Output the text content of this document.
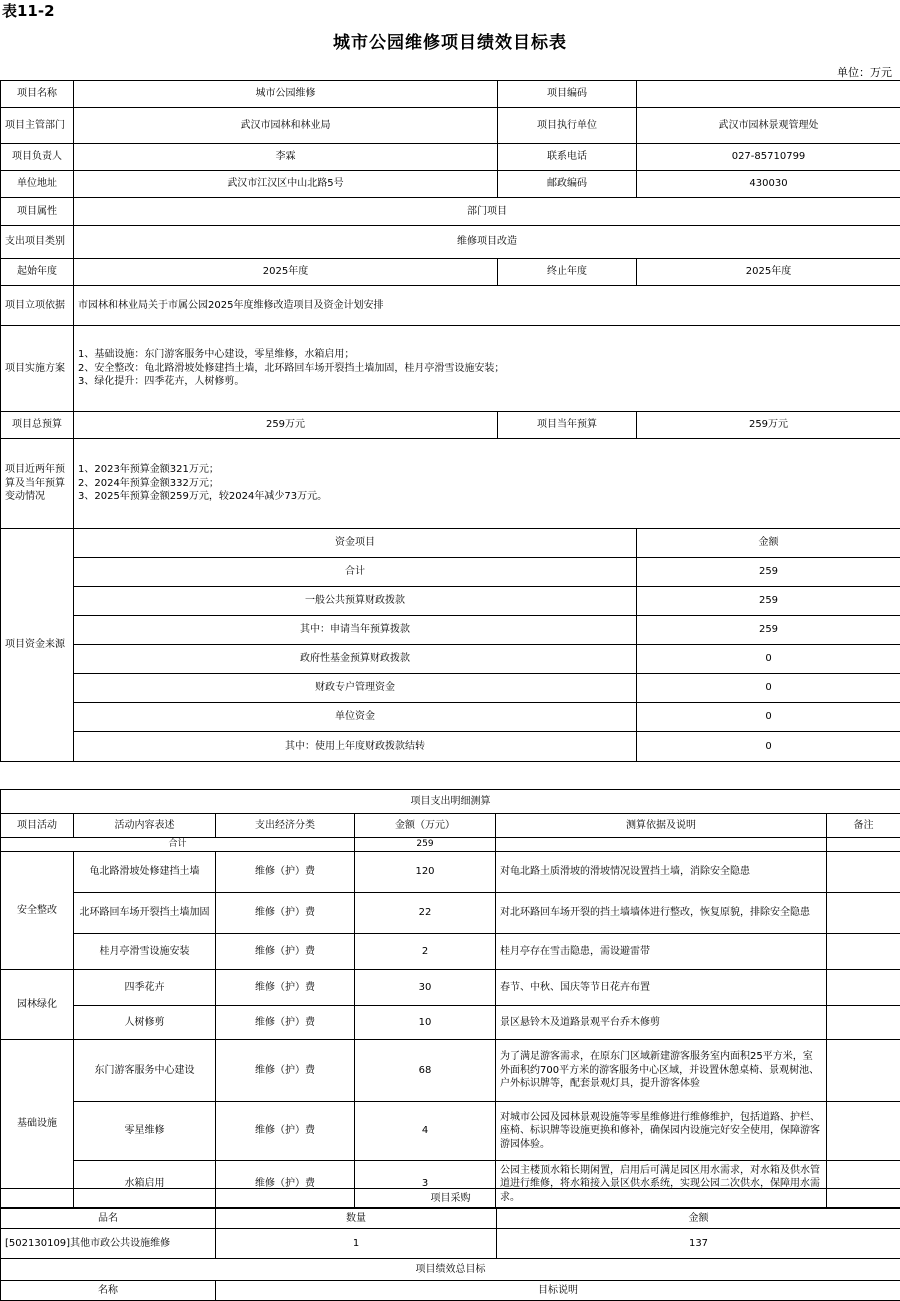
表11-2
城市公园维修项目绩效目标表
单位：万元
项目名称	城市公园维修	项目编码	
项目主管部门	武汉市园林和林业局	项目执行单位	武汉市园林景观管理处
项目负责人	李霖	联系电话	027-85710799
单位地址	武汉市江汉区中山北路5号	邮政编码	430030
项目属性	部门项目		
支出项目类别	维修项目改造		
起始年度	2025年度	终止年度	2025年度
项目立项依据	市园林和林业局关于市属公园2025年度维修改造项目及资金计划安排		
项目实施方案	1、基础设施：东门游客服务中心建设，零星维修，水箱启用；
2、安全整改：龟北路滑坡处修建挡土墙，北环路回车场开裂挡土墙加固，桂月亭滑雪设施安装；
3、绿化提升：四季花卉，人树修剪。		

项目总预算	259万元	项目当年预算	259万元
项目近两年预算及当年预算变动情况	1、2023年预算金额321万元；
2、2024年预算金额332万元；
3、2025年预算金额259万元，较2024年减少73万元。		

项目资金来源	资金项目		金额
	合计		259
	一般公共预算财政拨款		259
	其中：申请当年预算拨款		259
	政府性基金预算财政拨款		0
	财政专户管理资金		0
	单位资金		0
	其中：使用上年度财政拨款结转		0

项目支出明细测算					
项目活动	活动内容表述	支出经济分类	金额（万元）	测算依据及说明	备注
合计			259		
安全整改	龟北路滑坡处修建挡土墙	维修（护）费	120	对龟北路土质滑坡的滑坡情况设置挡土墙，消除安全隐患	
	北环路回车场开裂挡土墙加固	维修（护）费	22	对北环路回车场开裂的挡土墙墙体进行整改，恢复原貌，排除安全隐患	
	桂月亭滑雪设施安装	维修（护）费	2	桂月亭存在雪击隐患，需设避雷带	
园林绿化	四季花卉	维修（护）费	30	春节、中秋、国庆等节日花卉布置	
	人树修剪	维修（护）费	10	景区悬铃木及道路景观平台乔木修剪	
基础设施	东门游客服务中心建设	维修（护）费	68	为了满足游客需求，在原东门区域新建游客服务室内面积25平方米，室外面积约700平方米的游客服务中心区域，并设置休憩桌椅、景观树池、户外标识牌等，配套景观灯具，提升游客体验	
	零星维修	维修（护）费	4	对城市公园及园林景观设施等零星维修进行维修维护，包括道路、护栏、座椅、标识牌等设施更换和修补，确保园内设施完好安全使用，保障游客游园体验。	
	水箱启用	维修（护）费	3	公园主楼顶水箱长期闲置，启用后可满足园区用水需求，对水箱及供水管道进行维修，将水箱接入景区供水系统，实现公园二次供水，保障用水需求。	
项目采购		
品名	数量	金额
[502130109]其他市政公共设施维修	1	137
项目绩效总目标		
名称	目标说明	
